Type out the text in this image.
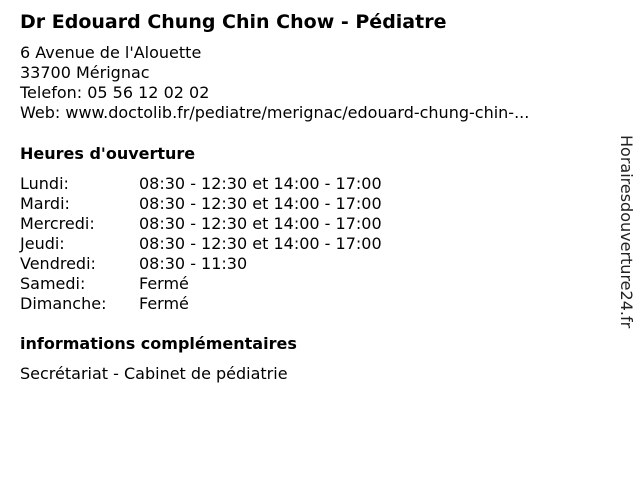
Dr Edouard Chung Chin Chow - Pédiatre
6 Avenue de l'Alouette
33700 Mérignac
Telefon: 05 56 12 02 02
Web: www.doctolib.fr/pediatre/merignac/edouard-chung-chin-...
Heures d'ouverture
Lundi:	08:30 - 12:30 et 14:00 - 17:00
Mardi:	08:30 - 12:30 et 14:00 - 17:00
Mercredi:	08:30 - 12:30 et 14:00 - 17:00
Jeudi:	08:30 - 12:30 et 14:00 - 17:00
Vendredi:	08:30 - 11:30
Samedi:	Fermé
Dimanche: Fermé
informations complémentaires
Secrétariat - Cabinet de pédiatrie
Horairesdouverture24.fr
